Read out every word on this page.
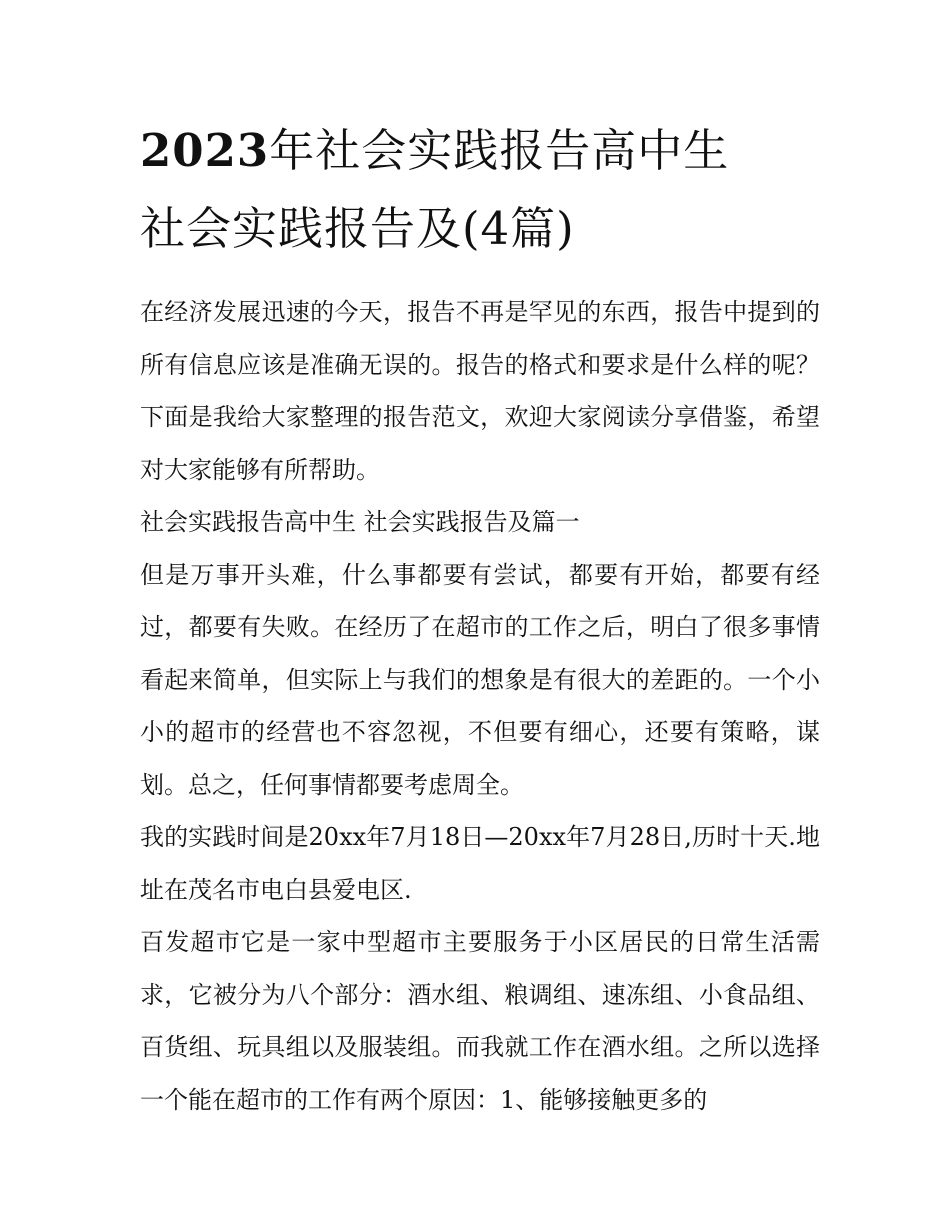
2023年社会实践报告高中生
社会实践报告及(4篇)

在经济发展迅速的今天，报告不再是罕见的东西，报告中提到的所有信息应该是准确无误的。报告的格式和要求是什么样的呢？下面是我给大家整理的报告范文，欢迎大家阅读分享借鉴，希望对大家能够有所帮助。

社会实践报告高中生 社会实践报告及篇一

但是万事开头难，什么事都要有尝试，都要有开始，都要有经过，都要有失败。在经历了在超市的工作之后，明白了很多事情看起来简单，但实际上与我们的想象是有很大的差距的。一个小小的超市的经营也不容忽视，不但要有细心，还要有策略，谋划。总之，任何事情都要考虑周全。

我的实践时间是20xx年7月18日—20xx年7月28日,历时十天.地址在茂名市电白县爱电区.

百发超市它是一家中型超市主要服务于小区居民的日常生活需求，它被分为八个部分：酒水组、粮调组、速冻组、小食品组、百货组、玩具组以及服装组。而我就工作在酒水组。之所以选择一个能在超市的工作有两个原因：1、能够接触更多的
